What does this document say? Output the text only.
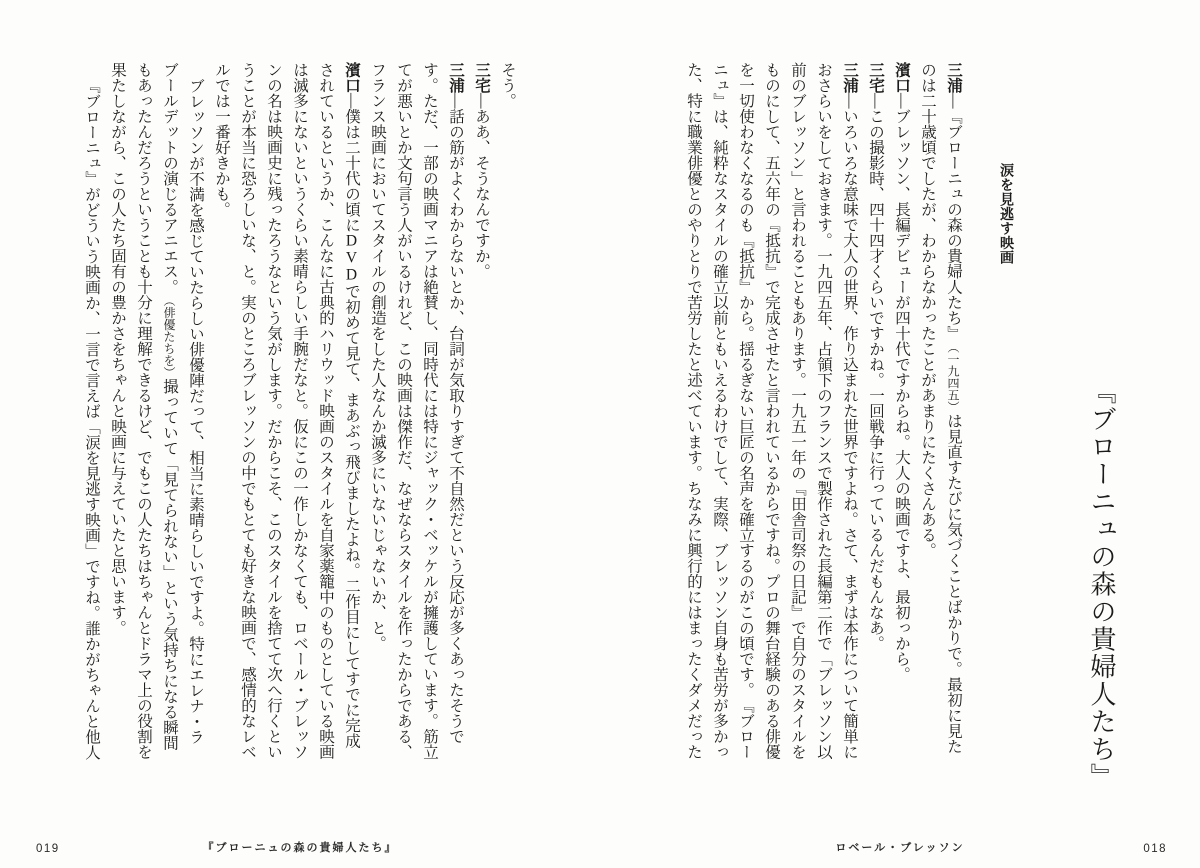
そう。

三宅―ああ、そうなんですか。

三浦―話の筋がよくわからないとか、台詞が気取りすぎて不自然だという反応が多くあったそうです。ただ、一部の映画マニアは絶賛し、同時代には特にジャック・ベッケルが擁護しています。筋立てが悪いとか文句言う人がいるけれど、この映画は傑作だ、なぜならスタイルを作ったからである、フランス映画においてスタイルの創造をした人なんか滅多にいないじゃないか、と。

濱口―僕は二十代の頃にDVDで初めて見て、まあぶっ飛びましたよね。二作目にしてすでに完成されているというか、こんなに古典的ハリウッド映画のスタイルを自家薬籠中のものとしている映画は滅多にないというくらい素晴らしい手腕だなと。仮にこの一作しかなくても、ロベール・ブレッソンの名は映画史に残ったろうなという気がします。だからこそ、このスタイルを捨てて次へ行くということが本当に恐ろしいな、と。実のところブレッソンの中でもとても好きな映画で、感情的なレベルでは一番好きかも。

ブレッソンが不満を感じていたらしい俳優陣だって、相当に素晴らしいですよ。特にエレナ・ラブールデットの演じるアニエス。（俳優たちを）撮っていて「見てられない」という気持ちになる瞬間もあったんだろうということも十分に理解できるけど、でもこの人たちはちゃんとドラマ上の役割を果たしながら、この人たち固有の豊かさをちゃんと映画に与えていたと思います。

『ブローニュ』がどういう映画か、一言で言えば「涙を見逃す映画」ですね。誰かがちゃんと他人

019	『ブローニュの森の貴婦人たち』
『ブローニュの森の貴婦人たち』
涙を見逃す映画

三浦―『ブローニュの森の貴婦人たち』（一九四五）は見直すたびに気づくことばかりで。最初に見たのは二十歳頃でしたが、わからなかったことがあまりにたくさんある。

濱口―ブレッソン、長編デビューが四十代ですからね。大人の映画ですよ、最初っから。

三宅―この撮影時、四十四才くらいですかね。一回戦争に行っているんだもんなあ。

三浦―いろいろな意味で大人の世界、作り込まれた世界ですよね。さて、まずは本作について簡単におさらいをしておきます。一九四五年、占領下のフランスで製作された長編第二作で「ブレッソン以前のブレッソン」と言われることもあります。一九五一年の『田舎司祭の日記』で自分のスタイルをものにして、五六年の『抵抗』で完成させたと言われているからですね。プロの舞台経験のある俳優を一切使わなくなるのも『抵抗』から。揺るぎない巨匠の名声を確立するのがこの頃です。『ブローニュ』は、純粋なスタイルの確立以前ともいえるわけでして、実際、ブレッソン自身も苦労が多かった、特に職業俳優とのやりとりで苦労したと述べています。ちなみに興行的にはまったくダメだった

018
ロベール・ブレッソン
